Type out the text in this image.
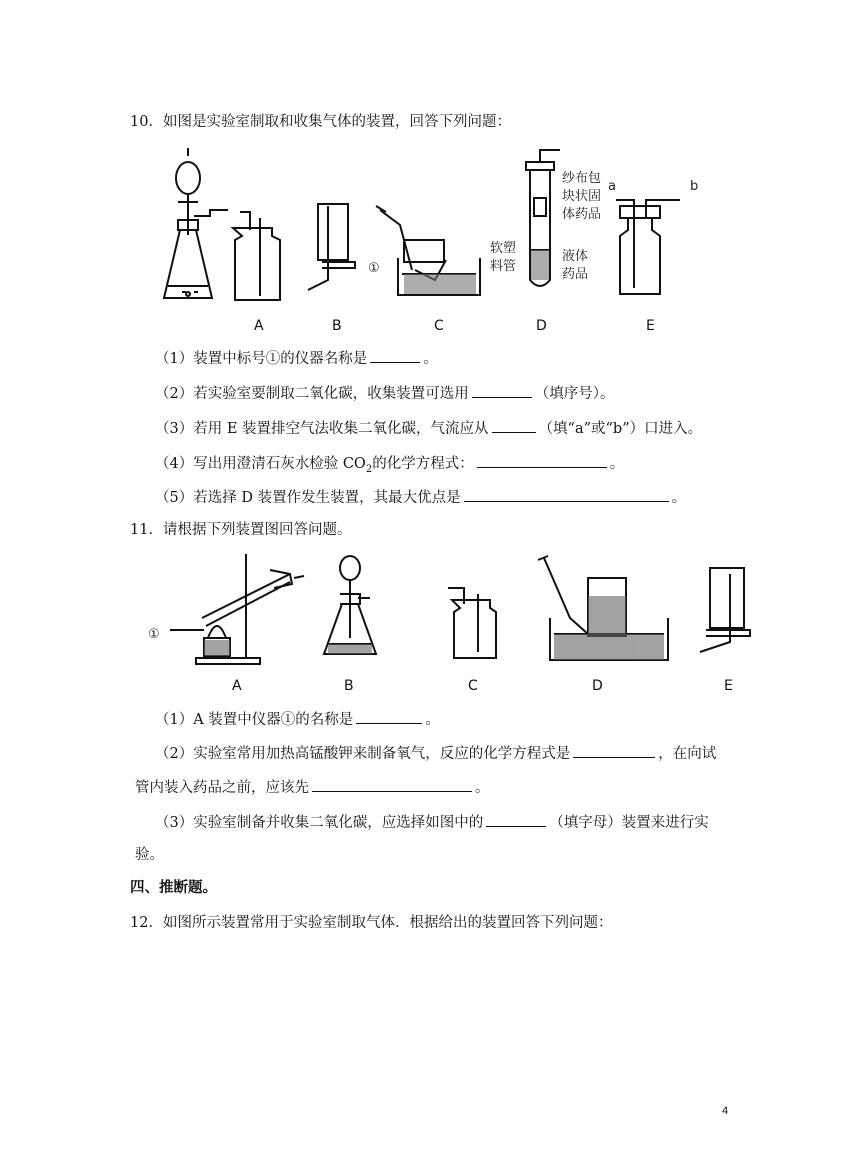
10．如图是实验室制取和收集气体的装置，回答下列问题：
①
纱布包
块状固
体药品
软塑
料管
液体
药品
a	b
A	B	C	D	E
（1）装置中标号①的仪器名称是	。
（2）若实验室要制取二氧化碳，收集装置可选用	（填序号）。
（3）若用 E 装置排空气法收集二氧化碳，气流应从	（填“a”或“b”）口进入。
（4）写出用澄清石灰水检验 $CO_2$的化学方程式：	。
（5）若选择 D 装置作发生装置，其最大优点是	。
11．请根据下列装置图回答问题。
①
A	B	C	D	E
（1）A 装置中仪器①的名称是	。
（2）实验室常用加热高锰酸钾来制备氧气，反应的化学方程式是	，在向试
管内装入药品之前，应该先	。
（3）实验室制备并收集二氧化碳，应选择如图中的	（填字母）装置来进行实
验。
四、推断题。
12．如图所示装置常用于实验室制取气体．根据给出的装置回答下列问题：
4
